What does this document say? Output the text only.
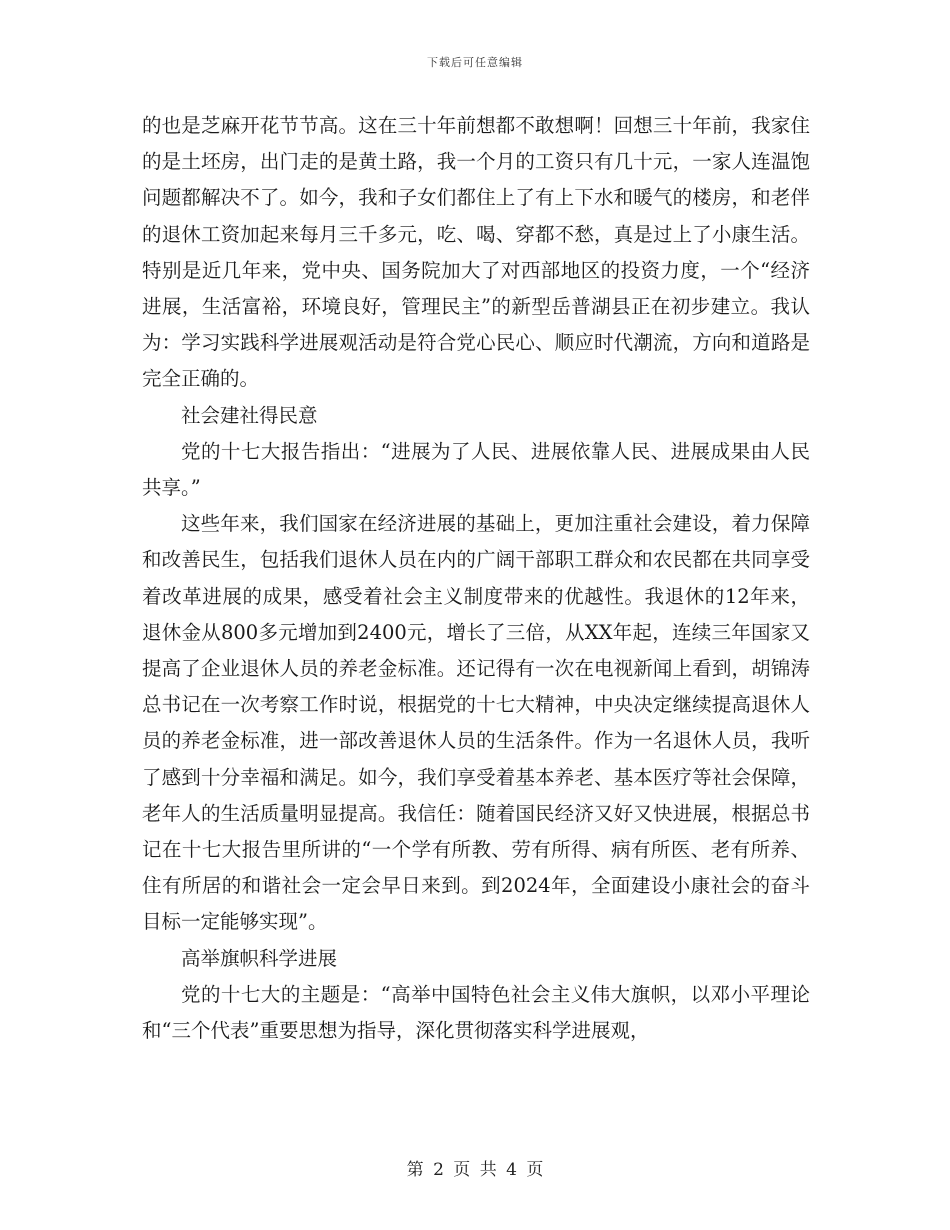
下载后可任意编辑

的也是芝麻开花节节高。这在三十年前想都不敢想啊！回想三十年前，我家住的是土坯房，出门走的是黄土路，我一个月的工资只有几十元，一家人连温饱问题都解决不了。如今，我和子女们都住上了有上下水和暖气的楼房，和老伴的退休工资加起来每月三千多元，吃、喝、穿都不愁，真是过上了小康生活。特别是近几年来，党中央、国务院加大了对西部地区的投资力度，一个“经济进展，生活富裕，环境良好，管理民主”的新型岳普湖县正在初步建立。我认为：学习实践科学进展观活动是符合党心民心、顺应时代潮流，方向和道路是完全正确的。

社会建社得民意

党的十七大报告指出：“进展为了人民、进展依靠人民、进展成果由人民共享。”

这些年来，我们国家在经济进展的基础上，更加注重社会建设，着力保障和改善民生，包括我们退休人员在内的广阔干部职工群众和农民都在共同享受着改革进展的成果，感受着社会主义制度带来的优越性。我退休的12年来，退休金从800多元增加到2400元，增长了三倍，从XX年起，连续三年国家又提高了企业退休人员的养老金标准。还记得有一次在电视新闻上看到，胡锦涛总书记在一次考察工作时说，根据党的十七大精神，中央决定继续提高退休人员的养老金标准，进一部改善退休人员的生活条件。作为一名退休人员，我听了感到十分幸福和满足。如今，我们享受着基本养老、基本医疗等社会保障，老年人的生活质量明显提高。我信任：随着国民经济又好又快进展，根据总书记在十七大报告里所讲的“一个学有所教、劳有所得、病有所医、老有所养、住有所居的和谐社会一定会早日来到。到2024年，全面建设小康社会的奋斗目标一定能够实现”。

高举旗帜科学进展

党的十七大的主题是：“高举中国特色社会主义伟大旗帜，以邓小平理论和“三个代表”重要思想为指导，深化贯彻落实科学进展观，

第 2 页 共 4 页
